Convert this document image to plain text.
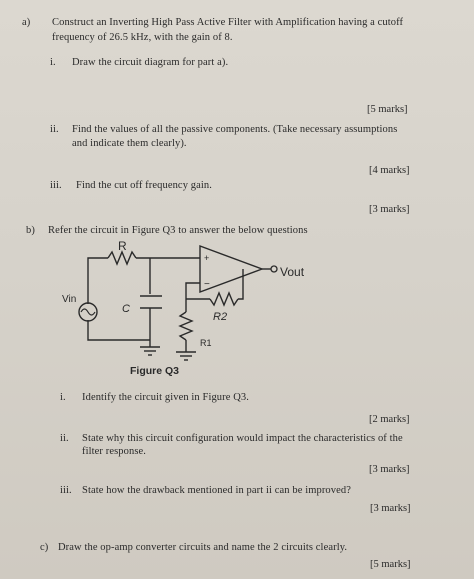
a) Construct an Inverting High Pass Active Filter with Amplification having a cutoff
frequency of 26.5 kHz, with the gain of 8.
i. Draw the circuit diagram for part a).
[5 marks]
ii. Find the values of all the passive components. (Take necessary assumptions
and indicate them clearly).
[4 marks]
iii. Find the cut off frequency gain.
[3 marks]
b) Refer the circuit in Figure Q3 to answer the below questions
R
C
R2
R1
Vin
Vout
+
−
Figure Q3
i. Identify the circuit given in Figure Q3.
[2 marks]
ii. State why this circuit configuration would impact the characteristics of the
filter response.
[3 marks]
iii. State how the drawback mentioned in part ii can be improved?
[3 marks]
c) Draw the op-amp converter circuits and name the 2 circuits clearly.
[5 marks]
